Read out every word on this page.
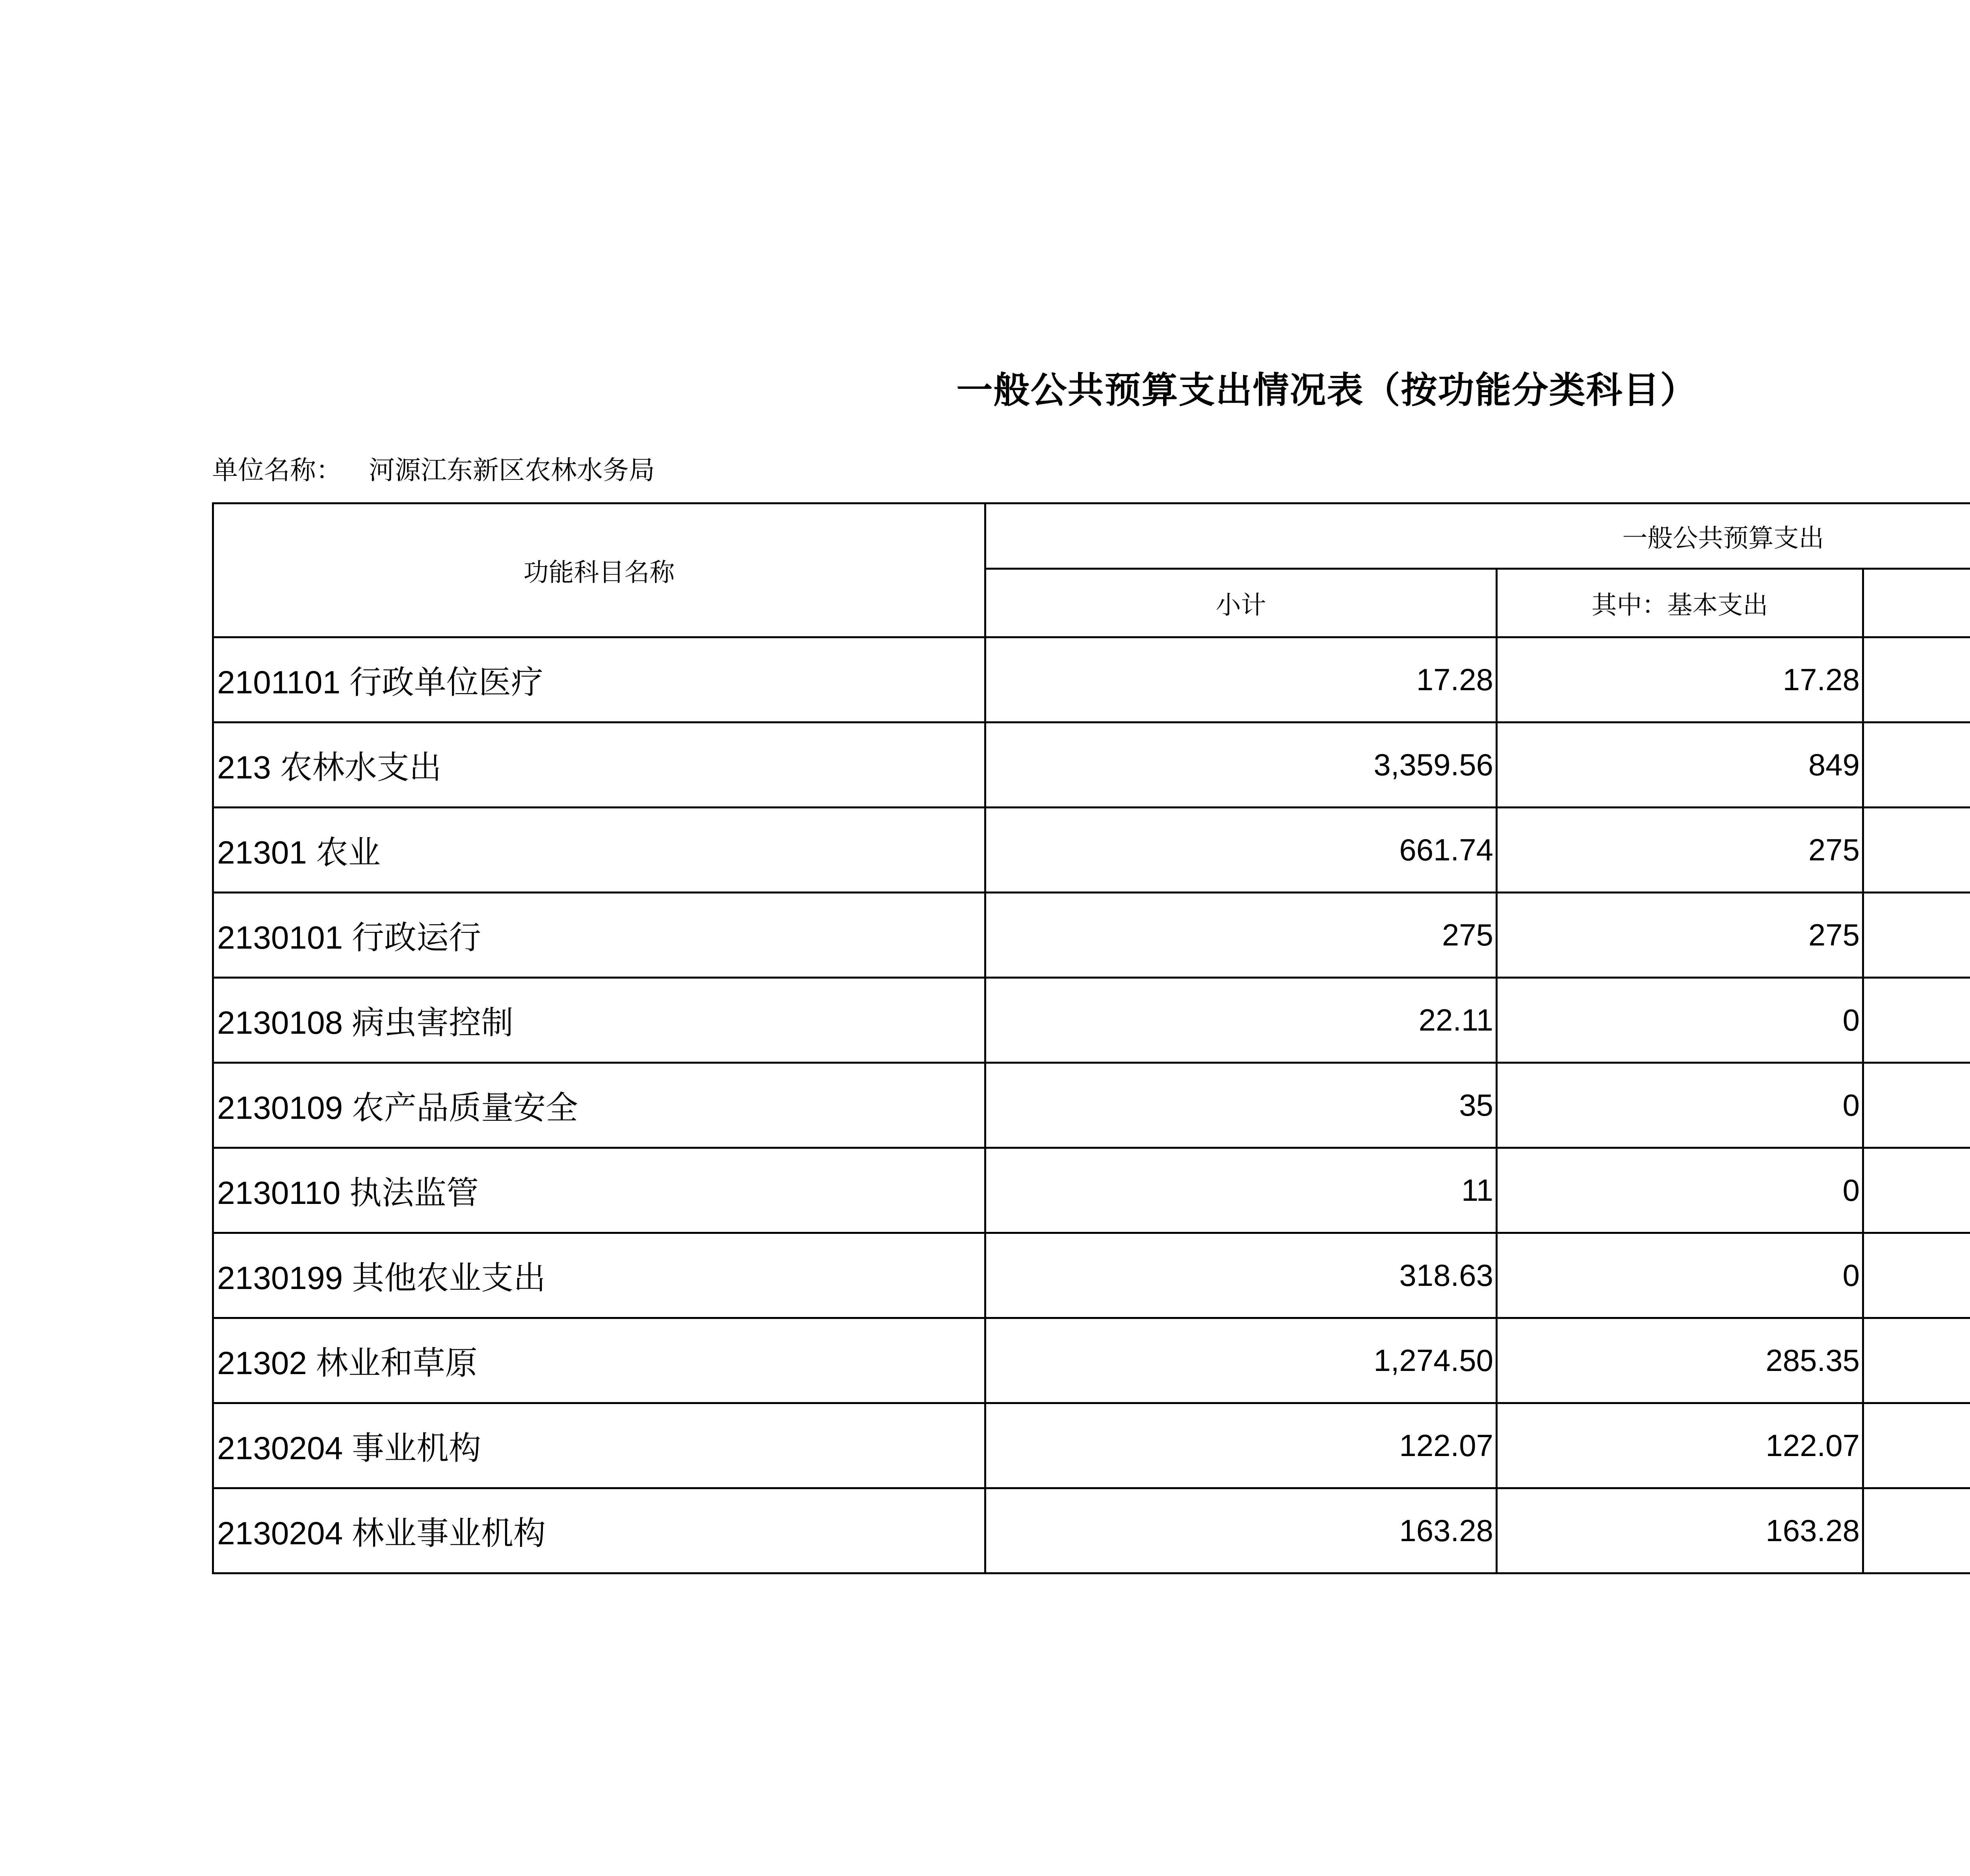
一般公共预算支出情况表（按功能分类科目）
单位名称： 河源江东新区农林水务局
功能科目名称	一般公共预算支出		
	小计	其中：基本支出	
2101101 行政单位医疗	17.28	17.28	
213 农林水支出	3,359.56	849	
21301 农业	661.74	275	
2130101 行政运行	275	275	
2130108 病虫害控制	22.11	0	
2130109 农产品质量安全	35	0	
2130110 执法监管	11	0	
2130199 其他农业支出	318.63	0	
21302 林业和草原	1,274.50	285.35	
2130204 事业机构	122.07	122.07	
2130204 林业事业机构	163.28	163.28	
